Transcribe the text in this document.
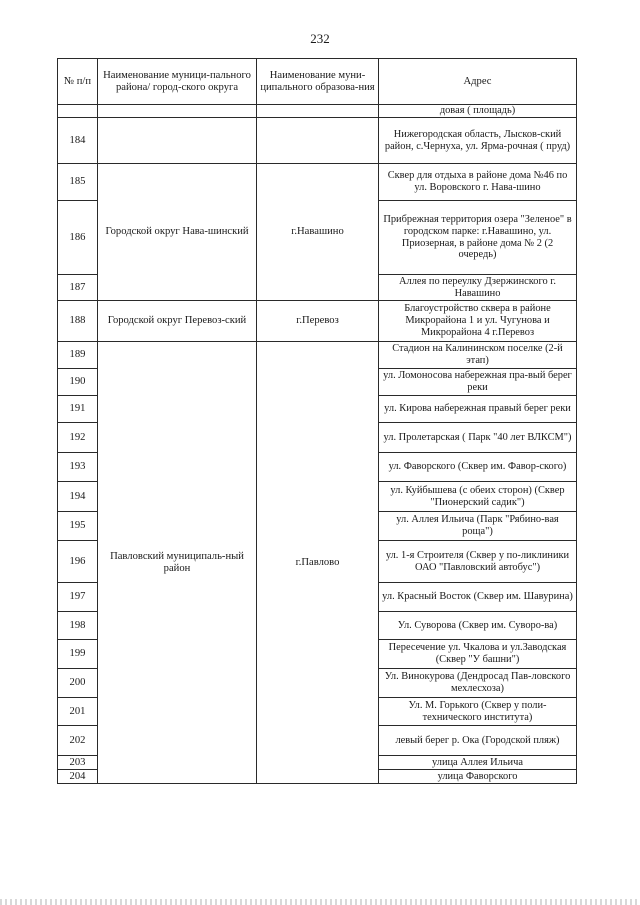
232
№ п/п	Наименование муници-пального района/ город-ского округа	Наименование муни-ципального образова-ния	Адрес
			довая ( площадь)
184			Нижегородская область, Лысков-ский район, с.Чернуха, ул. Ярма-рочная ( пруд)
185	Городской округ Нава-шинский	г.Навашино	Сквер для отдыха в районе дома №46 по ул. Воровского г. Нава-шино
186			Прибрежная территория озера "Зеленое" в городском парке: г.Навашино, ул. Приозерная, в районе дома № 2 (2 очередь)
187			Аллея по переулку Дзержинского г. Навашино
188	Городской округ Перевоз-ский	г.Перевоз	Благоустройство сквера в районе Микрорайона 1 и ул. Чугунова и Микрорайона 4 г.Перевоз
189	Павловский муниципаль-ный район	г.Павлово	Стадион на Калининском поселке (2-й этап)
190			ул. Ломоносова набережная пра-вый берег реки
191			ул. Кирова набережная правый берег реки
192			ул. Пролетарская ( Парк "40 лет ВЛКСМ")
193			ул. Фаворского (Сквер им. Фавор-ского)
194			ул. Куйбышева (с обеих сторон) (Сквер "Пионерский садик")
195			ул. Аллея Ильича (Парк "Рябино-вая роща")
196			ул. 1-я Строителя (Сквер у по-ликлиники ОАО "Павловский автобус")
197			ул. Красный Восток (Сквер им. Шавурина)
198			Ул. Суворова (Сквер им. Суворо-ва)
199			Пересечение ул. Чкалова и ул.Заводская (Сквер "У башни")
200			Ул. Винокурова (Дендросад Пав-ловского мехлесхоза)
201			Ул. М. Горького (Сквер у поли-технического института)
202			левый берег р. Ока (Городской пляж)
203			улица Аллея Ильича
204			улица Фаворского
